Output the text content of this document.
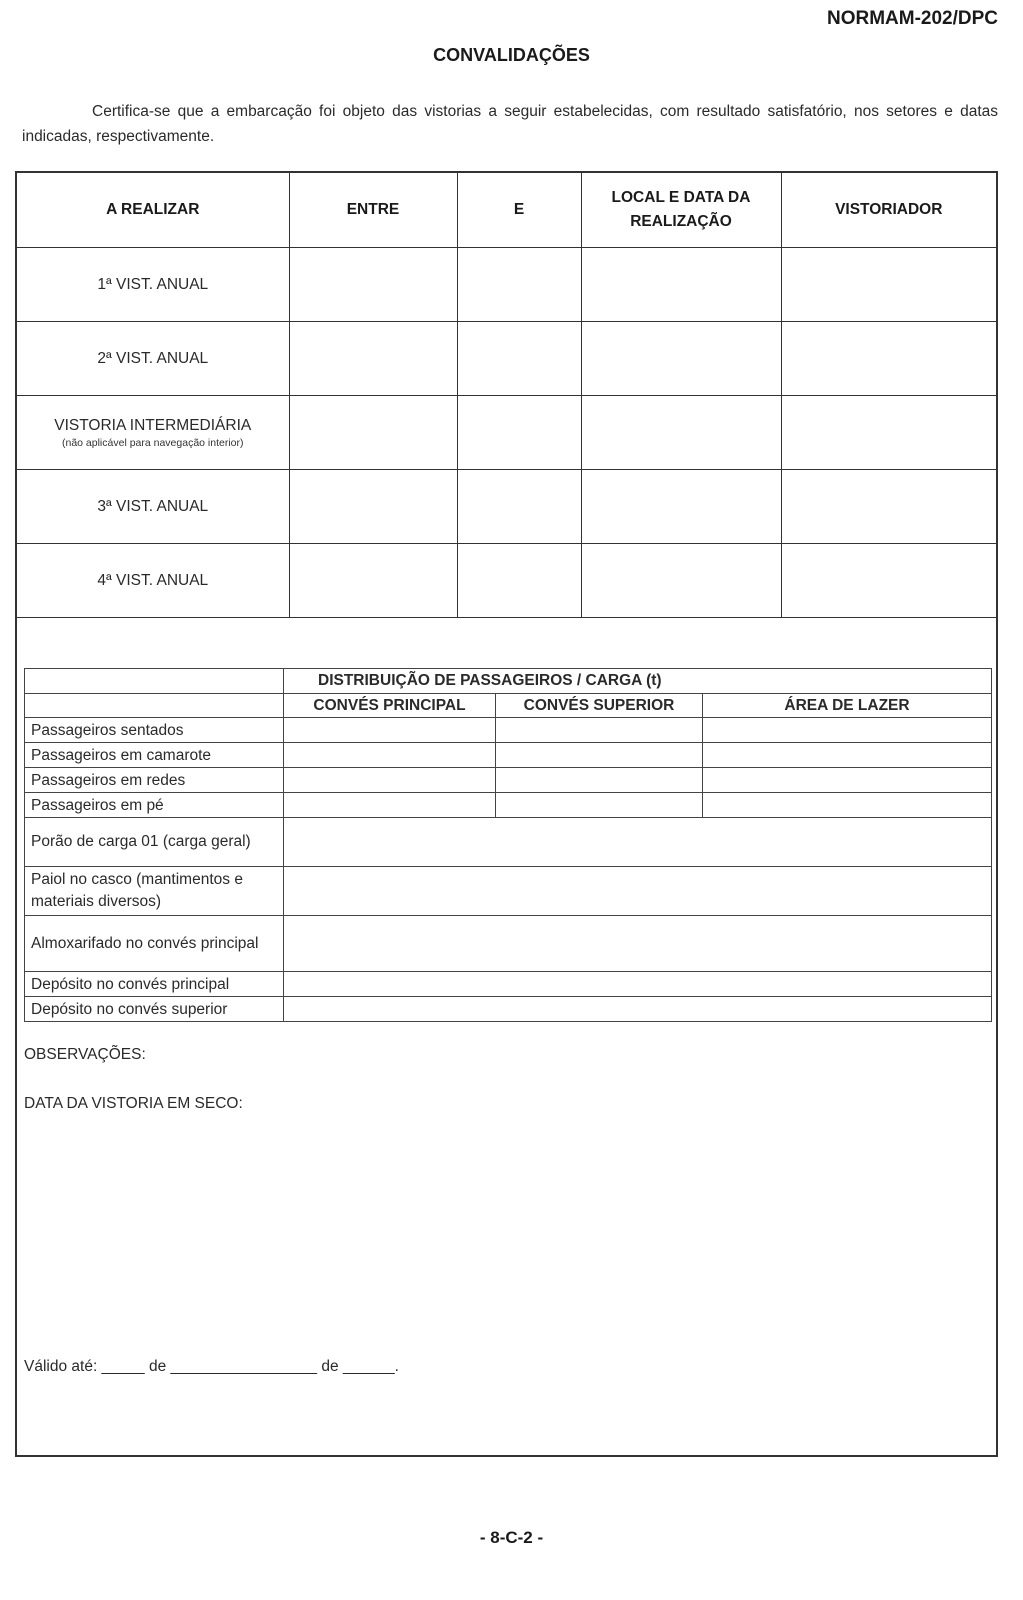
NORMAM-202/DPC
CONVALIDAÇÕES
Certifica-se que a embarcação foi objeto das vistorias a seguir estabelecidas, com resultado satisfatório, nos setores e datas indicadas, respectivamente.
A REALIZAR	ENTRE	E	LOCAL E DATA DA REALIZAÇÃO	VISTORIADOR
1ª VIST. ANUAL				
2ª VIST. ANUAL				
VISTORIA INTERMEDIÁRIA
(não aplicável para navegação interior)				

3ª VIST. ANUAL				
4ª VIST. ANUAL				
	DISTRIBUIÇÃO DE PASSAGEIROS / CARGA (t)		
	CONVÉS PRINCIPAL	CONVÉS SUPERIOR	ÁREA DE LAZER
Passageiros sentados			
Passageiros em camarote			
Passageiros em redes			
Passageiros em pé			
Porão de carga 01 (carga geral)			
Paiol no casco (mantimentos e materiais diversos)			
Almoxarifado no convés principal			
Depósito no convés principal			
Depósito no convés superior			
OBSERVAÇÕES:
DATA DA VISTORIA EM SECO:
Válido até: _____ de _________________ de ______.
- 8-C-2 -
